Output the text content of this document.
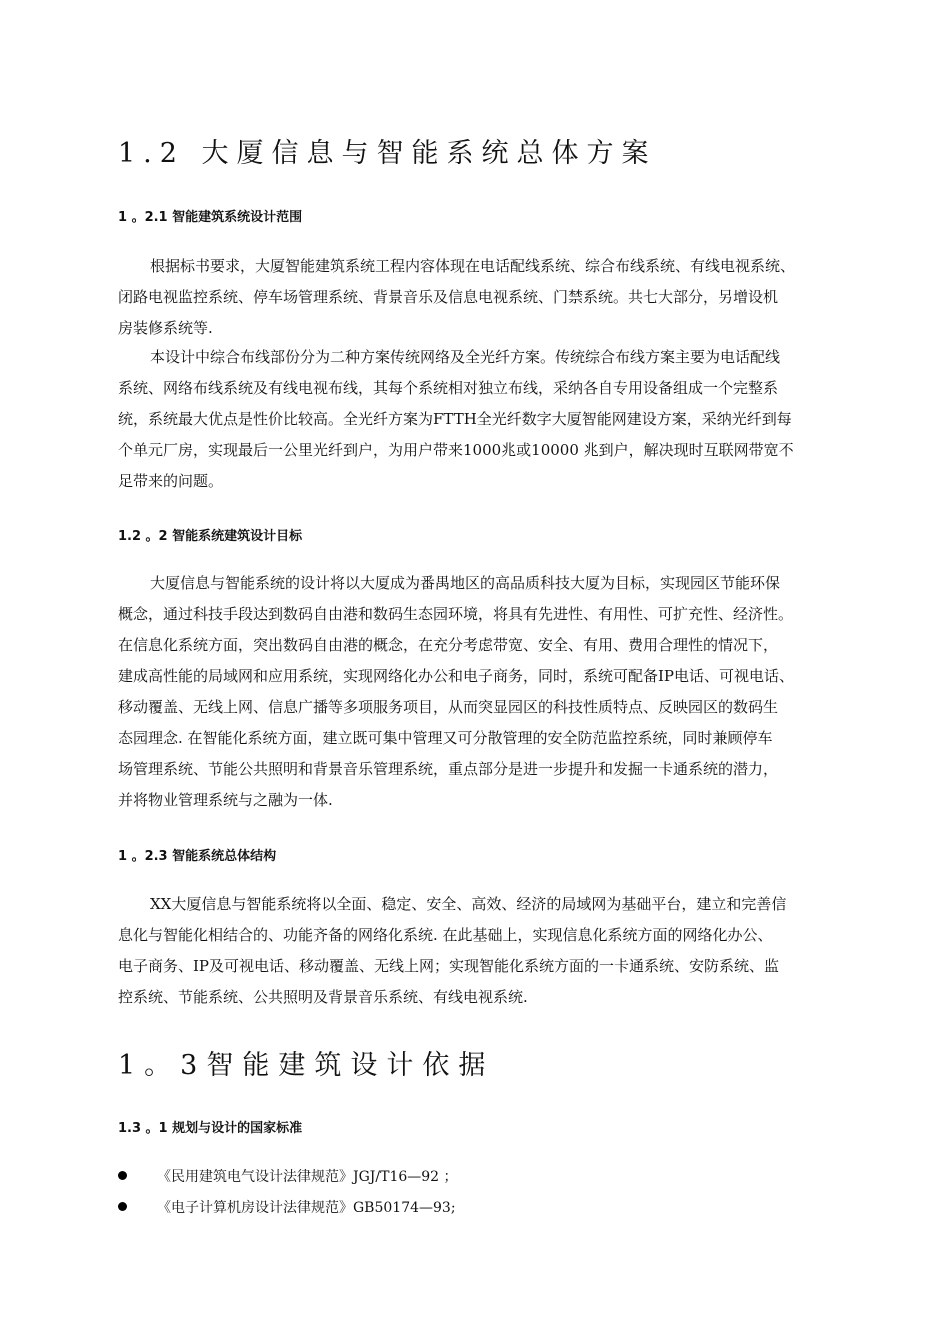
1.2 大厦信息与智能系统总体方案
1 。2.1 智能建筑系统设计范围
根据标书要求，大厦智能建筑系统工程内容体现在电话配线系统、综合布线系统、有线电视系统、
闭路电视监控系统、停车场管理系统、背景音乐及信息电视系统、门禁系统。共七大部分，另增设机
房装修系统等.
本设计中综合布线部份分为二种方案传统网络及全光纤方案。传统综合布线方案主要为电话配线
系统、网络布线系统及有线电视布线，其每个系统相对独立布线，采纳各自专用设备组成一个完整系
统，系统最大优点是性价比较高。全光纤方案为FTTH全光纤数字大厦智能网建设方案，采纳光纤到每
个单元厂房，实现最后一公里光纤到户，为用户带来1000兆或10000 兆到户，解决现时互联网带宽不
足带来的问题。
1.2 。2 智能系统建筑设计目标
大厦信息与智能系统的设计将以大厦成为番禺地区的高品质科技大厦为目标，实现园区节能环保
概念，通过科技手段达到数码自由港和数码生态园环境，将具有先进性、有用性、可扩充性、经济性。
在信息化系统方面，突出数码自由港的概念，在充分考虑带宽、安全、有用、费用合理性的情况下，
建成高性能的局域网和应用系统，实现网络化办公和电子商务，同时，系统可配备IP电话、可视电话、
移动覆盖、无线上网、信息广播等多项服务项目，从而突显园区的科技性质特点、反映园区的数码生
态园理念. 在智能化系统方面，建立既可集中管理又可分散管理的安全防范监控系统，同时兼顾停车
场管理系统、节能公共照明和背景音乐管理系统，重点部分是进一步提升和发掘一卡通系统的潜力，
并将物业管理系统与之融为一体.
1 。2.3 智能系统总体结构
XX大厦信息与智能系统将以全面、稳定、安全、高效、经济的局域网为基础平台，建立和完善信
息化与智能化相结合的、功能齐备的网络化系统. 在此基础上，实现信息化系统方面的网络化办公、
电子商务、IP及可视电话、移动覆盖、无线上网；实现智能化系统方面的一卡通系统、安防系统、监
控系统、节能系统、公共照明及背景音乐系统、有线电视系统.
1。3智能建筑设计依据
1.3 。1 规划与设计的国家标准
《民用建筑电气设计法律规范》JGJ/T16—92 ；
《电子计算机房设计法律规范》GB50174—93;
